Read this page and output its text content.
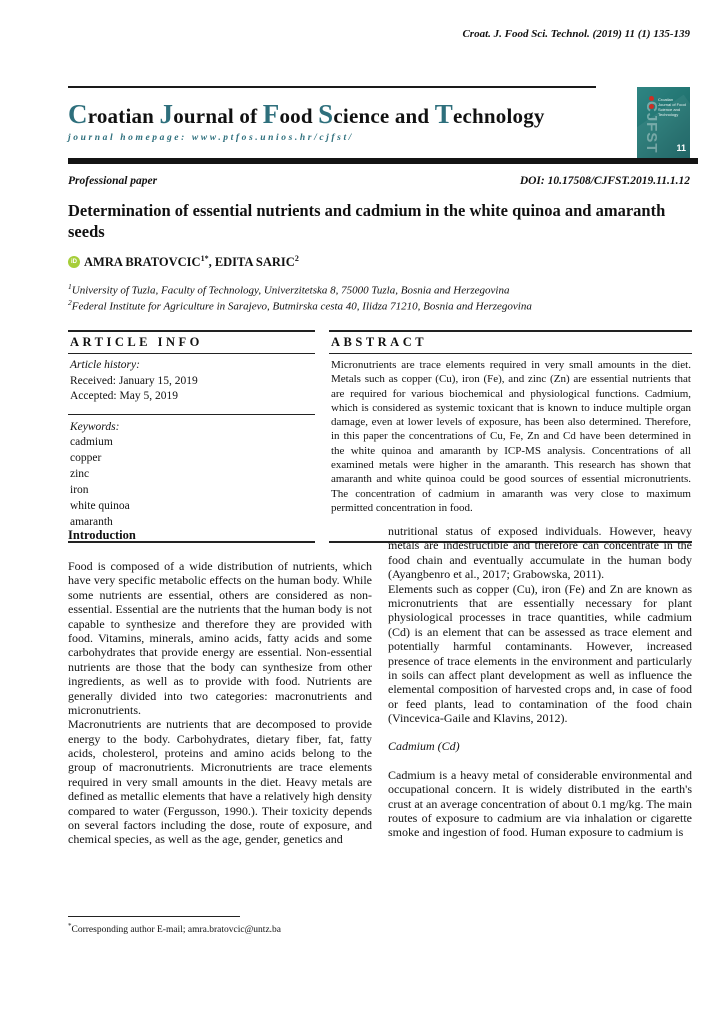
Croat. J. Food Sci. Technol. (2019) 11 (1) 135-139
Croatian Journal of Food Science and Technology
journal homepage: www.ptfos.unios.hr/cjfst/
Croatian Journal of Food Science and Technology
CJFST 11
Professional paper	DOI: 10.17508/CJFST.2019.11.1.12
Determination of essential nutrients and cadmium in the white quinoa and amaranth seeds
iD AMRA $BRATOVCIC^{1*}$, EDITA SARIC$^2$
$^1$University of Tuzla, Faculty of Technology, Univerzitetska 8, 75000 Tuzla, Bosnia and Herzegovina
$^2$Federal Institute for Agriculture in Sarajevo, Butmirska cesta 40, Ilidza 71210, Bosnia and Herzegovina
ARTICLE INFO
Article history:
Received: January 15, 2019
Accepted: May 5, 2019
Keywords:
cadmium
copper
zinc
iron
white quinoa
amaranth
ABSTRACT
Micronutrients are trace elements required in very small amounts in the diet. Metals such as copper (Cu), iron (Fe), and zinc (Zn) are essential nutrients that are required for various biochemical and physiological functions. Cadmium, which is considered as systemic toxicant that is known to induce multiple organ damage, even at lower levels of exposure, has been also determined. Therefore, in this paper the concentrations of Cu, Fe, Zn and Cd have been determined in the white quinoa and amaranth by ICP-MS analysis. Concentrations of all examined metals were higher in the amaranth. This research has shown that amaranth and white quinoa could be good sources of essential micronutrients. The concentration of cadmium in amaranth was very close to maximum permitted concentration in food.
Introduction

Food is composed of a wide distribution of nutrients, which have very specific metabolic effects on the human body. While some nutrients are essential, others are considered as non-essential. Essential are the nutrients that the human body is not capable to synthesize and therefore they are provided with food. Vitamins, minerals, amino acids, fatty acids and some carbohydrates that provide energy are essential. Non-essential nutrients are those that the body can synthesize from other ingredients, as well as to provide with food. Nutrients are generally divided into two categories: macronutrients and micronutrients.

Macronutrients are nutrients that are decomposed to provide energy to the body. Carbohydrates, dietary fiber, fat, fatty acids, cholesterol, proteins and amino acids belong to the group of macronutrients. Micronutrients are trace elements required in very small amounts in the diet. Heavy metals are defined as metallic elements that have a relatively high density compared to water (Fergusson, 1990.). Their toxicity depends on several factors including the dose, route of exposure, and chemical species, as well as the age, gender, genetics and

nutritional status of exposed individuals. However, heavy metals are indestructible and therefore can concentrate in the food chain and eventually accumulate in the human body (Ayangbenro et al., 2017; Grabowska, 2011).

Elements such as copper (Cu), iron (Fe) and Zn are known as micronutrients that are essentially necessary for plant physiological processes in trace quantities, while cadmium (Cd) is an element that can be assessed as trace element and potentially harmful contaminants. However, increased presence of trace elements in the environment and particularly in soils can affect plant development as well as influence the elemental composition of harvested crops and, in case of food or feed plants, lead to contamination of the food chain (Vincevica-Gaile and Klavins, 2012).

Cadmium (Cd)

Cadmium is a heavy metal of considerable environmental and occupational concern. It is widely distributed in the earth's crust at an average concentration of about 0.1 mg/kg. The main routes of exposure to cadmium are via inhalation or cigarette smoke and ingestion of food. Human exposure to cadmium is

*Corresponding author E-mail; amra.bratovcic@untz.ba
